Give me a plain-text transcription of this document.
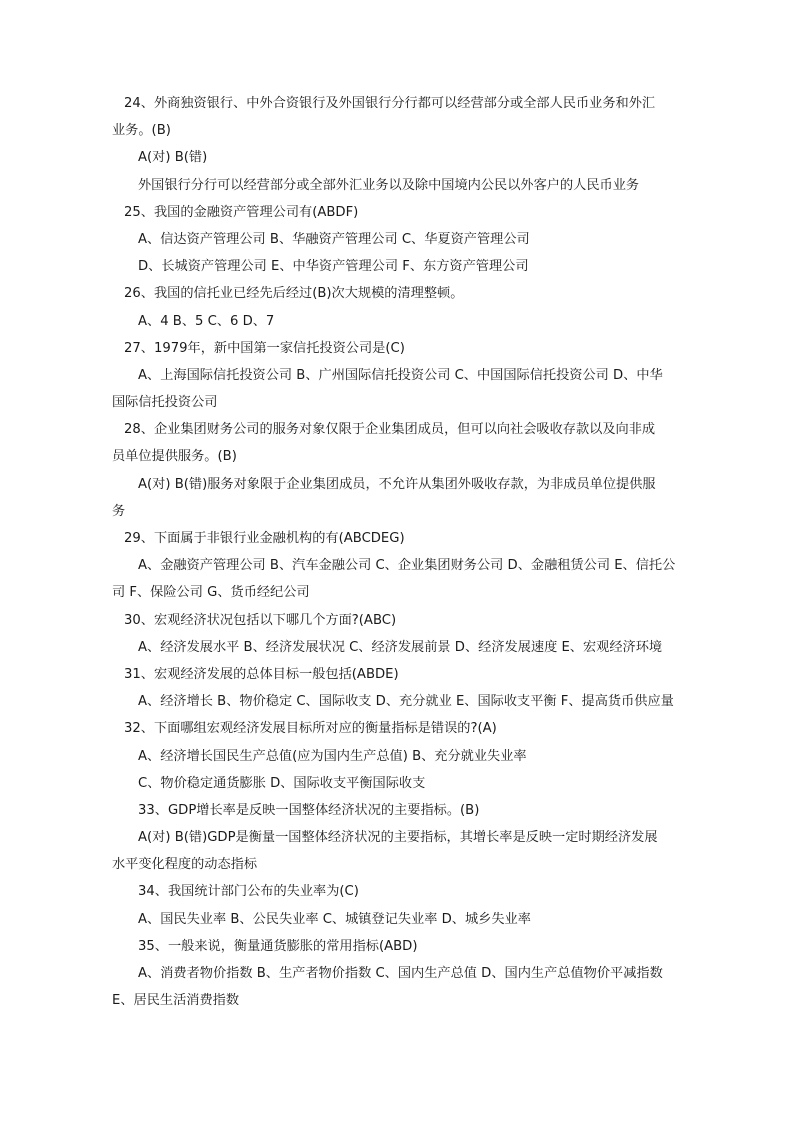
24、外商独资银行、中外合资银行及外国银行分行都可以经营部分或全部人民币业务和外汇
业务。(B)
A(对) B(错)
外国银行分行可以经营部分或全部外汇业务以及除中国境内公民以外客户的人民币业务
25、我国的金融资产管理公司有(ABDF)
A、信达资产管理公司 B、华融资产管理公司 C、华夏资产管理公司
D、长城资产管理公司 E、中华资产管理公司 F、东方资产管理公司
26、我国的信托业已经先后经过(B)次大规模的清理整顿。
A、4 B、5 C、6 D、7
27、1979年，新中国第一家信托投资公司是(C)
A、上海国际信托投资公司 B、广州国际信托投资公司 C、中国国际信托投资公司 D、中华
国际信托投资公司
28、企业集团财务公司的服务对象仅限于企业集团成员，但可以向社会吸收存款以及向非成
员单位提供服务。(B)
A(对) B(错)服务对象限于企业集团成员，不允许从集团外吸收存款，为非成员单位提供服
务
29、下面属于非银行业金融机构的有(ABCDEG)
A、金融资产管理公司 B、汽车金融公司 C、企业集团财务公司 D、金融租赁公司 E、信托公
司 F、保险公司 G、货币经纪公司
30、宏观经济状况包括以下哪几个方面?(ABC)
A、经济发展水平 B、经济发展状况 C、经济发展前景 D、经济发展速度 E、宏观经济环境
31、宏观经济发展的总体目标一般包括(ABDE)
A、经济增长 B、物价稳定 C、国际收支 D、充分就业 E、国际收支平衡 F、提高货币供应量
32、下面哪组宏观经济发展目标所对应的衡量指标是错误的?(A)
A、经济增长国民生产总值(应为国内生产总值) B、充分就业失业率
C、物价稳定通货膨胀 D、国际收支平衡国际收支
33、GDP增长率是反映一国整体经济状况的主要指标。(B)
A(对) B(错)GDP是衡量一国整体经济状况的主要指标，其增长率是反映一定时期经济发展
水平变化程度的动态指标
34、我国统计部门公布的失业率为(C)
A、国民失业率 B、公民失业率 C、城镇登记失业率 D、城乡失业率
35、一般来说，衡量通货膨胀的常用指标(ABD)
A、消费者物价指数 B、生产者物价指数 C、国内生产总值 D、国内生产总值物价平减指数
E、居民生活消费指数
